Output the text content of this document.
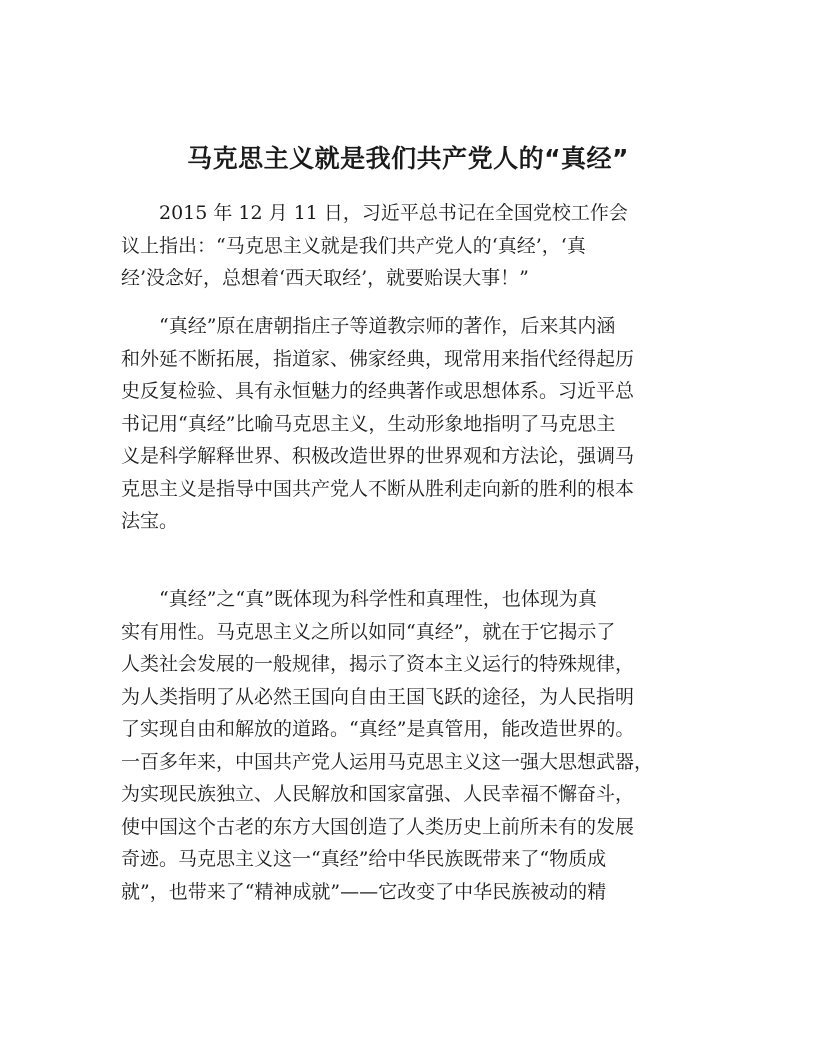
马克思主义就是我们共产党人的“真经”
2015 年 12 月 11 日，习近平总书记在全国党校工作会
议上指出：“马克思主义就是我们共产党人的‘真经’，‘真
经’没念好，总想着‘西天取经’，就要贻误大事！”
“真经”原在唐朝指庄子等道教宗师的著作，后来其内涵
和外延不断拓展，指道家、佛家经典，现常用来指代经得起历
史反复检验、具有永恒魅力的经典著作或思想体系。习近平总
书记用“真经”比喻马克思主义，生动形象地指明了马克思主
义是科学解释世界、积极改造世界的世界观和方法论，强调马
克思主义是指导中国共产党人不断从胜利走向新的胜利的根本
法宝。
“真经”之“真”既体现为科学性和真理性，也体现为真
实有用性。马克思主义之所以如同“真经”，就在于它揭示了
人类社会发展的一般规律，揭示了资本主义运行的特殊规律，
为人类指明了从必然王国向自由王国飞跃的途径，为人民指明
了实现自由和解放的道路。“真经”是真管用，能改造世界的。
一百多年来，中国共产党人运用马克思主义这一强大思想武器，
为实现民族独立、人民解放和国家富强、人民幸福不懈奋斗，
使中国这个古老的东方大国创造了人类历史上前所未有的发展
奇迹。马克思主义这一“真经”给中华民族既带来了“物质成
就”，也带来了“精神成就”——它改变了中华民族被动的精
